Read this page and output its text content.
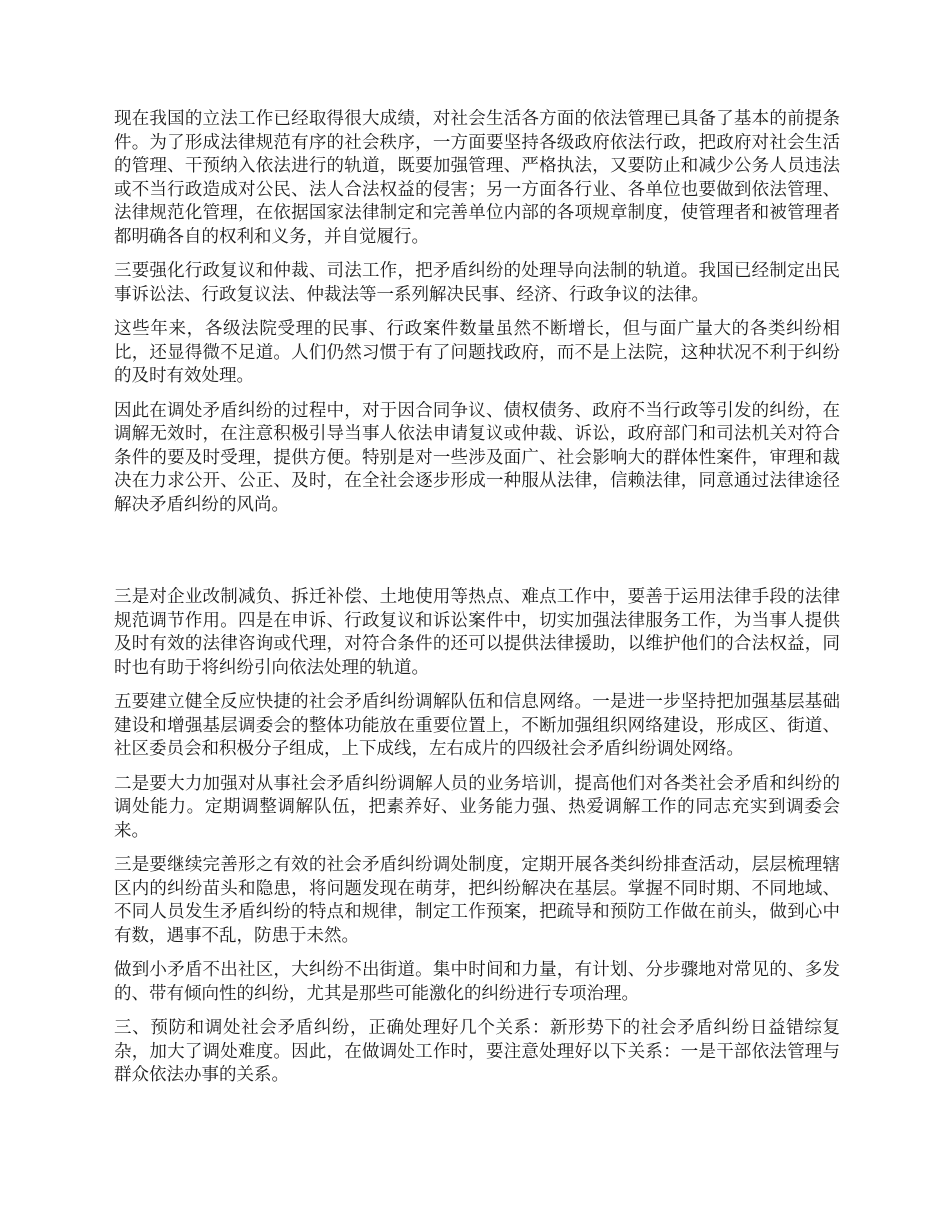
现在我国的立法工作已经取得很大成绩，对社会生活各方面的依法管理已具备了基本的前提条件。为了形成法律规范有序的社会秩序，一方面要坚持各级政府依法行政，把政府对社会生活的管理、干预纳入依法进行的轨道，既要加强管理、严格执法，又要防止和减少公务人员违法或不当行政造成对公民、法人合法权益的侵害；另一方面各行业、各单位也要做到依法管理、法律规范化管理，在依据国家法律制定和完善单位内部的各项规章制度，使管理者和被管理者都明确各自的权利和义务，并自觉履行。

三要强化行政复议和仲裁、司法工作，把矛盾纠纷的处理导向法制的轨道。我国已经制定出民事诉讼法、行政复议法、仲裁法等一系列解决民事、经济、行政争议的法律。

这些年来，各级法院受理的民事、行政案件数量虽然不断增长，但与面广量大的各类纠纷相比，还显得微不足道。人们仍然习惯于有了问题找政府，而不是上法院，这种状况不利于纠纷的及时有效处理。

因此在调处矛盾纠纷的过程中，对于因合同争议、债权债务、政府不当行政等引发的纠纷，在调解无效时，在注意积极引导当事人依法申请复议或仲裁、诉讼，政府部门和司法机关对符合条件的要及时受理，提供方便。特别是对一些涉及面广、社会影响大的群体性案件，审理和裁决在力求公开、公正、及时，在全社会逐步形成一种服从法律，信赖法律，同意通过法律途径解决矛盾纠纷的风尚。

三是对企业改制减负、拆迁补偿、土地使用等热点、难点工作中，要善于运用法律手段的法律规范调节作用。四是在申诉、行政复议和诉讼案件中，切实加强法律服务工作，为当事人提供及时有效的法律咨询或代理，对符合条件的还可以提供法律援助，以维护他们的合法权益，同时也有助于将纠纷引向依法处理的轨道。

五要建立健全反应快捷的社会矛盾纠纷调解队伍和信息网络。一是进一步坚持把加强基层基础建设和增强基层调委会的整体功能放在重要位置上，不断加强组织网络建设，形成区、街道、社区委员会和积极分子组成，上下成线，左右成片的四级社会矛盾纠纷调处网络。

二是要大力加强对从事社会矛盾纠纷调解人员的业务培训，提高他们对各类社会矛盾和纠纷的调处能力。定期调整调解队伍，把素养好、业务能力强、热爱调解工作的同志充实到调委会来。

三是要继续完善形之有效的社会矛盾纠纷调处制度，定期开展各类纠纷排查活动，层层梳理辖区内的纠纷苗头和隐患，将问题发现在萌芽，把纠纷解决在基层。掌握不同时期、不同地域、不同人员发生矛盾纠纷的特点和规律，制定工作预案，把疏导和预防工作做在前头，做到心中有数，遇事不乱，防患于未然。

做到小矛盾不出社区，大纠纷不出街道。集中时间和力量，有计划、分步骤地对常见的、多发的、带有倾向性的纠纷，尤其是那些可能激化的纠纷进行专项治理。

三、预防和调处社会矛盾纠纷，正确处理好几个关系：新形势下的社会矛盾纠纷日益错综复杂，加大了调处难度。因此，在做调处工作时，要注意处理好以下关系：一是干部依法管理与群众依法办事的关系。
